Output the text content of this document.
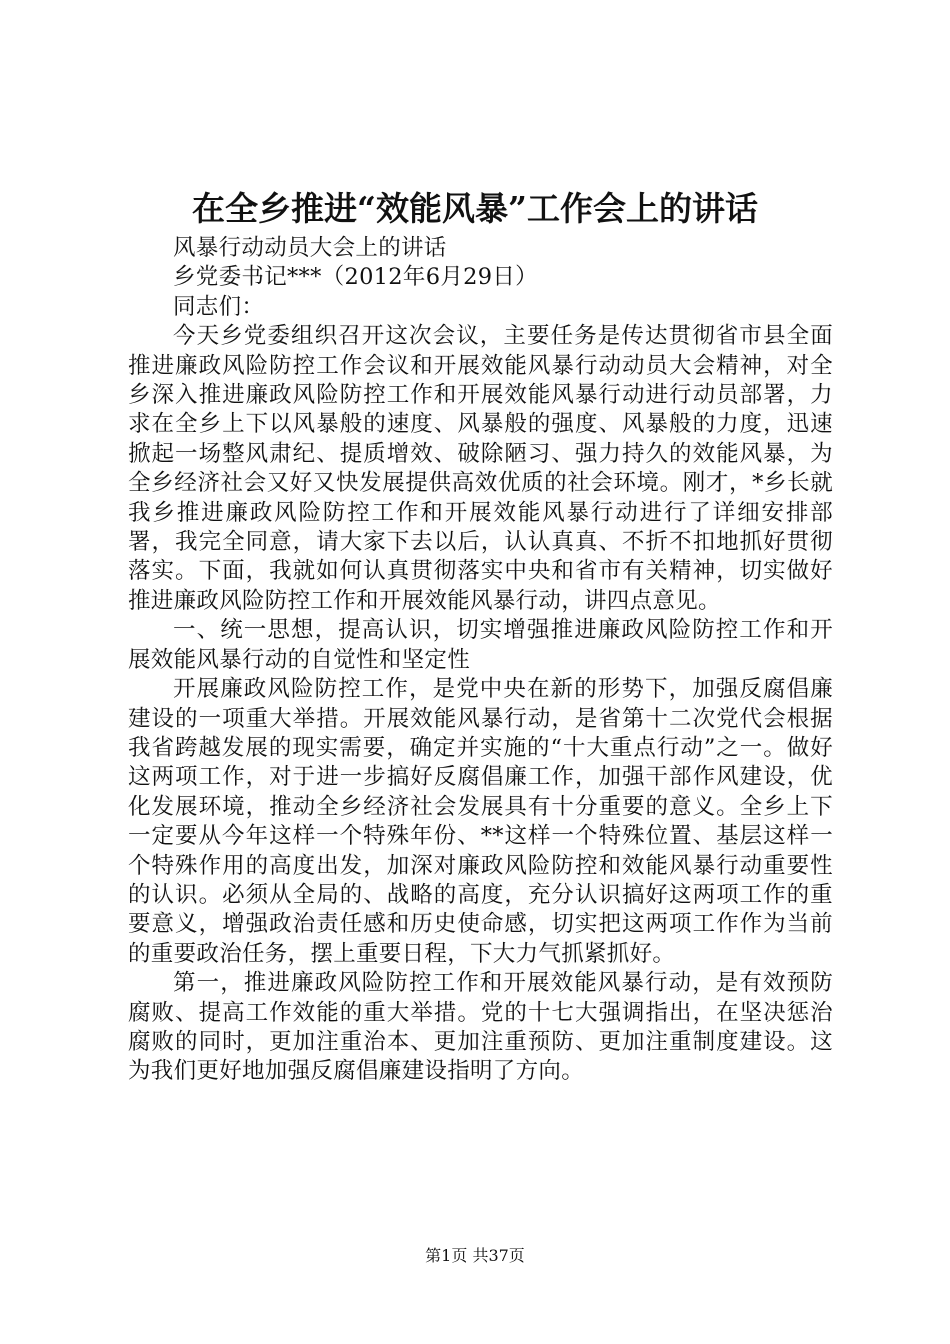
在全乡推进“效能风暴”工作会上的讲话

风暴行动动员大会上的讲话

乡党委书记***（2012年6月29日）

同志们：

今天乡党委组织召开这次会议，主要任务是传达贯彻省市县全面推进廉政风险防控工作会议和开展效能风暴行动动员大会精神，对全乡深入推进廉政风险防控工作和开展效能风暴行动进行动员部署，力求在全乡上下以风暴般的速度、风暴般的强度、风暴般的力度，迅速掀起一场整风肃纪、提质增效、破除陋习、强力持久的效能风暴，为全乡经济社会又好又快发展提供高效优质的社会环境。刚才，*乡长就我乡推进廉政风险防控工作和开展效能风暴行动进行了详细安排部署，我完全同意，请大家下去以后，认认真真、不折不扣地抓好贯彻落实。下面，我就如何认真贯彻落实中央和省市有关精神，切实做好推进廉政风险防控工作和开展效能风暴行动，讲四点意见。

一、统一思想，提高认识，切实增强推进廉政风险防控工作和开展效能风暴行动的自觉性和坚定性

开展廉政风险防控工作，是党中央在新的形势下，加强反腐倡廉建设的一项重大举措。开展效能风暴行动，是省第十二次党代会根据我省跨越发展的现实需要，确定并实施的“十大重点行动”之一。做好这两项工作，对于进一步搞好反腐倡廉工作，加强干部作风建设，优化发展环境，推动全乡经济社会发展具有十分重要的意义。全乡上下一定要从今年这样一个特殊年份、**这样一个特殊位置、基层这样一个特殊作用的高度出发，加深对廉政风险防控和效能风暴行动重要性的认识。必须从全局的、战略的高度，充分认识搞好这两项工作的重要意义，增强政治责任感和历史使命感，切实把这两项工作作为当前的重要政治任务，摆上重要日程，下大力气抓紧抓好。

第一，推进廉政风险防控工作和开展效能风暴行动，是有效预防腐败、提高工作效能的重大举措。党的十七大强调指出，在坚决惩治腐败的同时，更加注重治本、更加注重预防、更加注重制度建设。这为我们更好地加强反腐倡廉建设指明了方向。

第1页 共37页
